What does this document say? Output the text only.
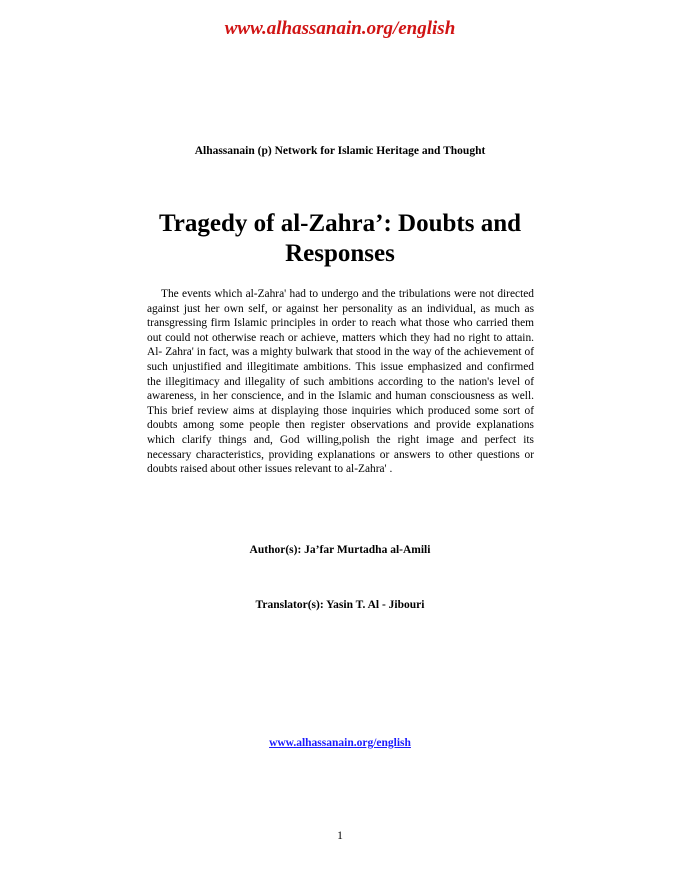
www.alhassanain.org/english
Alhassanain (p) Network for Islamic Heritage and Thought
Tragedy of al-Zahra’: Doubts and Responses

The events which al-Zahra' had to undergo and the tribulations were not directed against just her own self, or against her personality as an individual, as much as transgressing firm Islamic principles in order to reach what those who carried them out could not otherwise reach or achieve, matters which they had no right to attain. Al- Zahra' in fact, was a mighty bulwark that stood in the way of the achievement of such unjustified and illegitimate ambitions. This issue emphasized and confirmed the illegitimacy and illegality of such ambitions according to the nation's level of awareness, in her conscience, and in the Islamic and human consciousness as well. This brief review aims at displaying those inquiries which produced some sort of doubts among some people then register observations and provide explanations which clarify things and, God willing,polish the right image and perfect its necessary characteristics, providing explanations or answers to other questions or doubts raised about other issues relevant to al-Zahra' .

Author(s): Ja’far Murtadha al-Amili
Translator(s): Yasin T. Al - Jibouri
www.alhassanain.org/english
1
